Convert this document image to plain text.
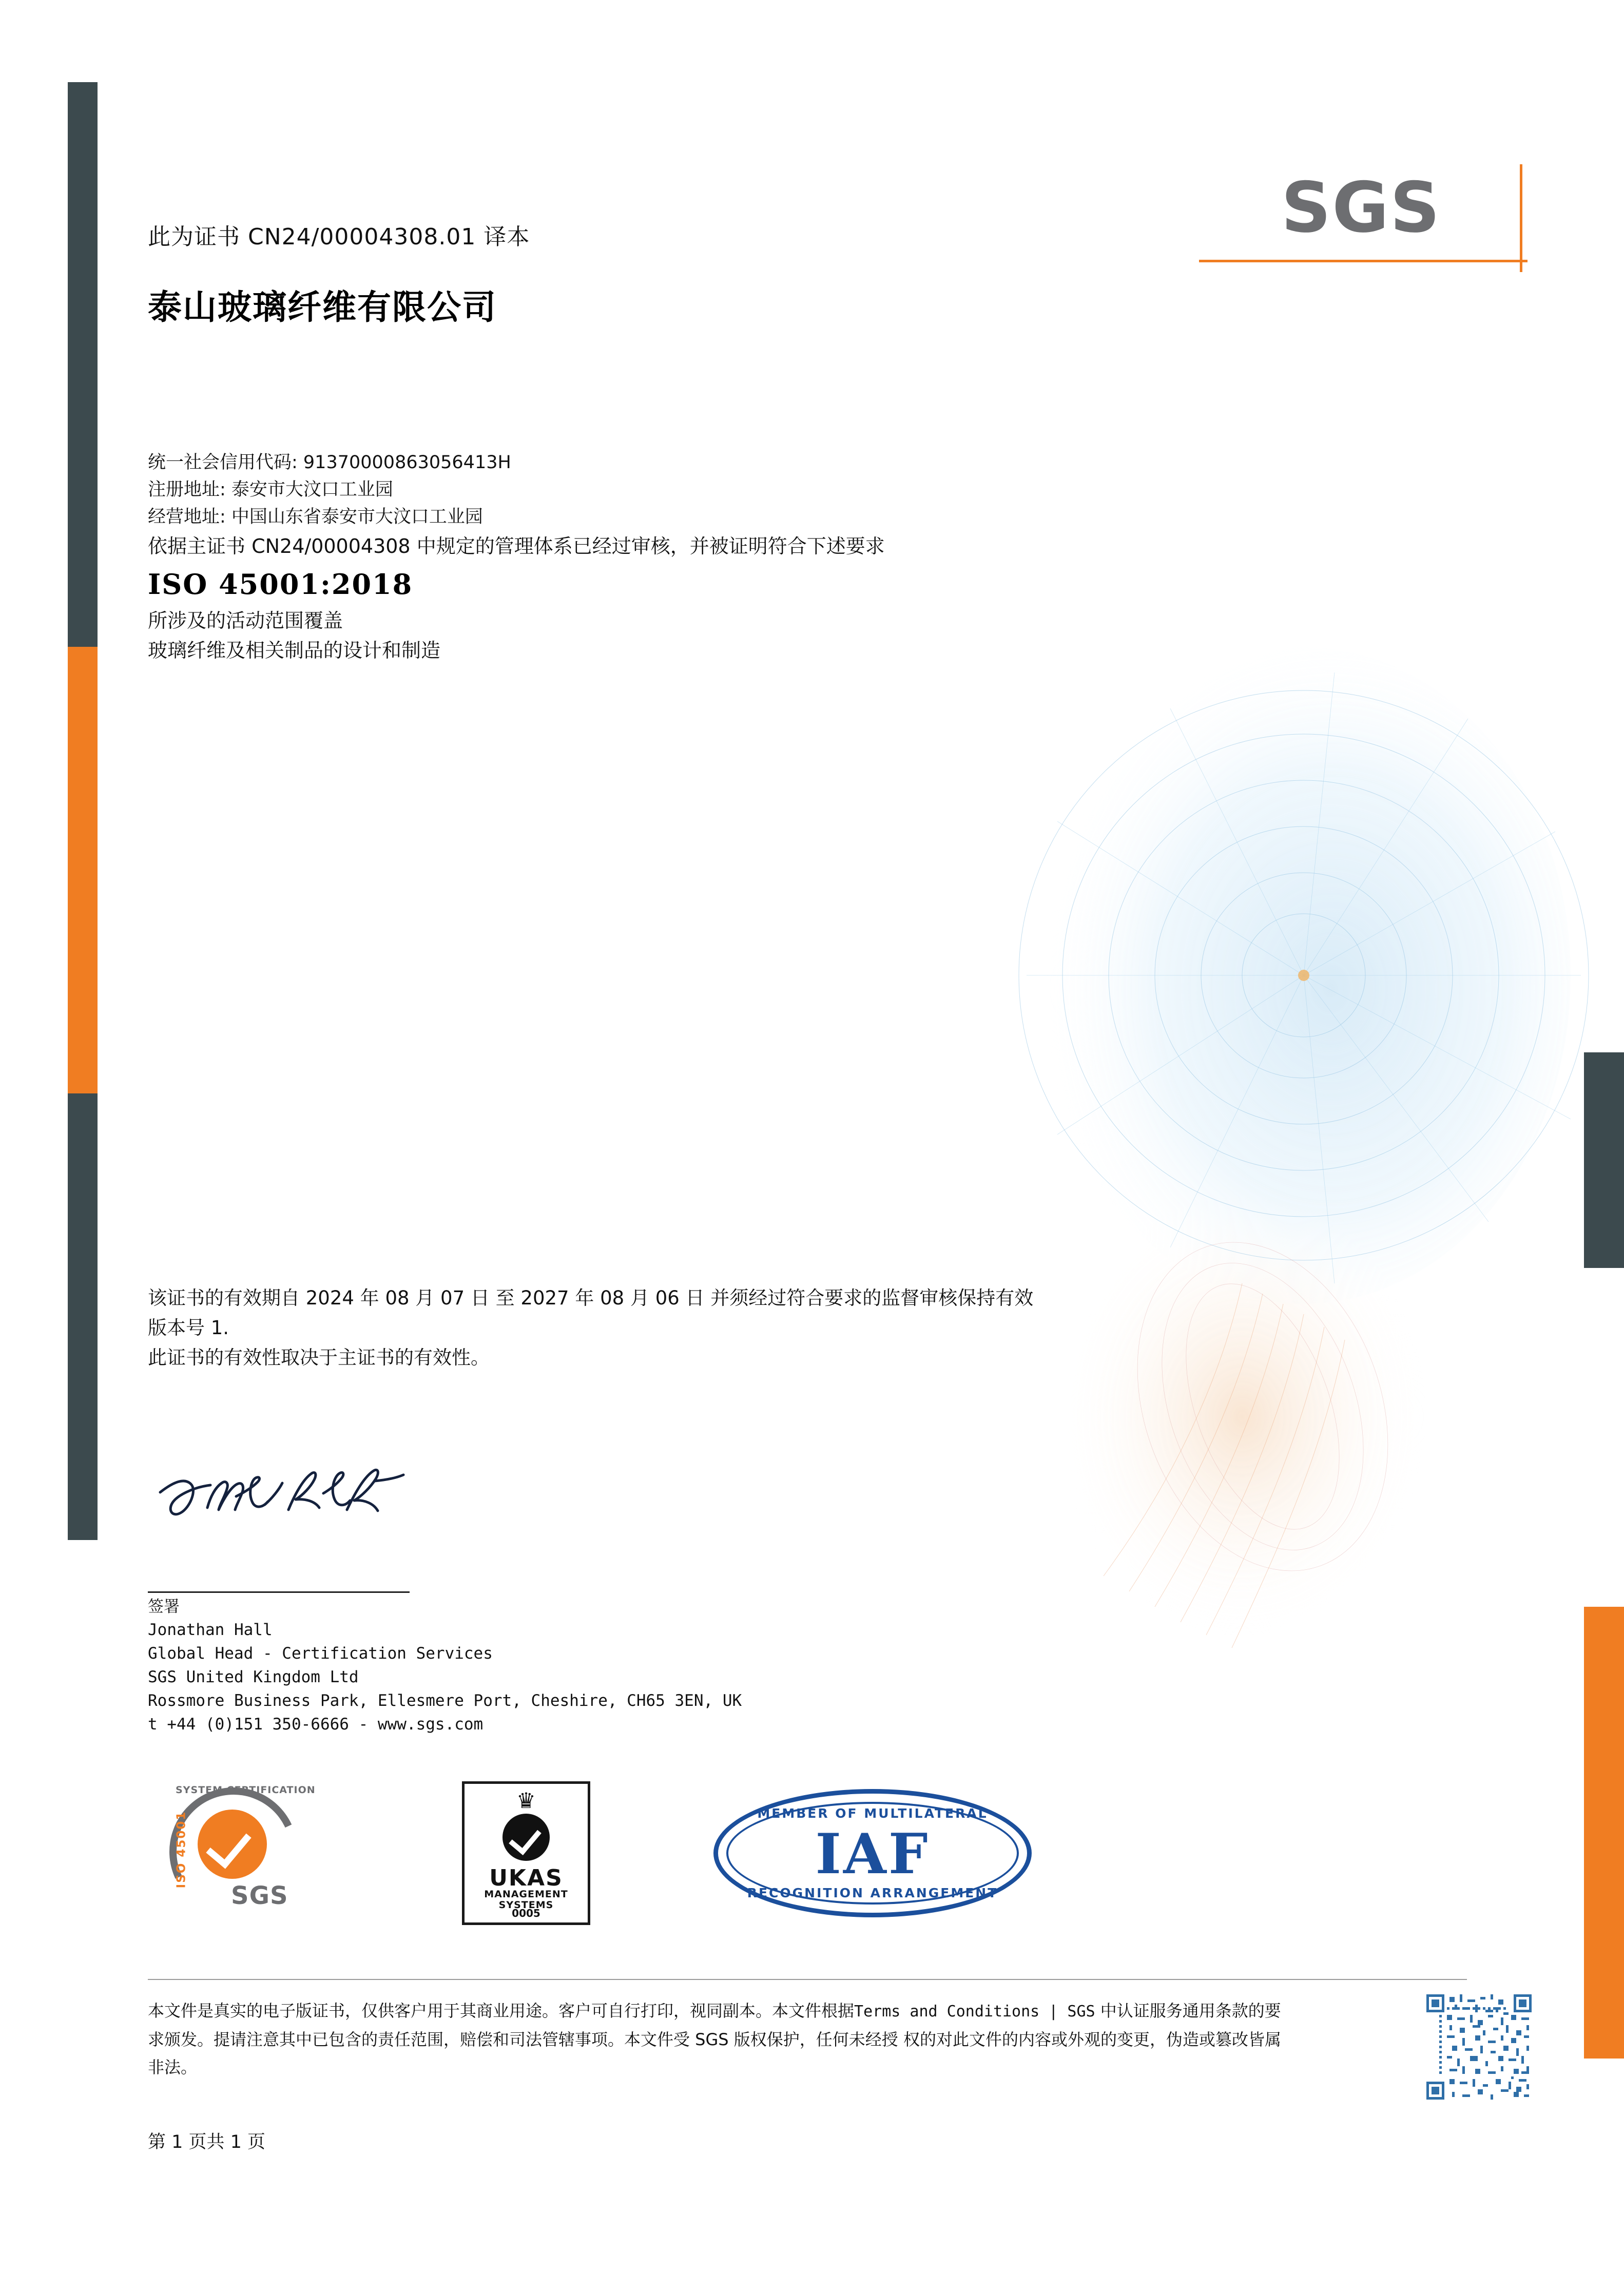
SGS
此为证书 CN24/00004308.01 译本
泰山玻璃纤维有限公司
统一社会信用代码: 91370000863056413H
注册地址: 泰安市大汶口工业园
经营地址: 中国山东省泰安市大汶口工业园
依据主证书 CN24/00004308 中规定的管理体系已经过审核，并被证明符合下述要求
ISO 45001:2018
所涉及的活动范围覆盖
玻璃纤维及相关制品的设计和制造
该证书的有效期自 2024 年 08 月 07 日 至 2027 年 08 月 06 日 并须经过符合要求的监督审核保持有效
版本号 1.
此证书的有效性取决于主证书的有效性。
签署
Jonathan Hall
Global Head - Certification Services
SGS United Kingdom Ltd
Rossmore Business Park, Ellesmere Port, Cheshire, CH65 3EN, UK
t +44 (0)151 350-6666 - www.sgs.com
SYSTEM CERTIFICATION
ISO 45001
SGS
♛
UKAS
MANAGEMENT
SYSTEMS
0005
MEMBER OF MULTILATERAL
IAF
RECOGNITION ARRANGEMENT
本文件是真实的电子版证书，仅供客户用于其商业用途。客户可自行打印，视同副本。本文件根据Terms and Conditions | SGS 中认证服务通用条款的要求颁发。提请注意其中已包含的责任范围，赔偿和司法管辖事项。本文件受 SGS 版权保护，任何未经授 权的对此文件的内容或外观的变更，伪造或篡改皆属非法。
第 1 页共 1 页
